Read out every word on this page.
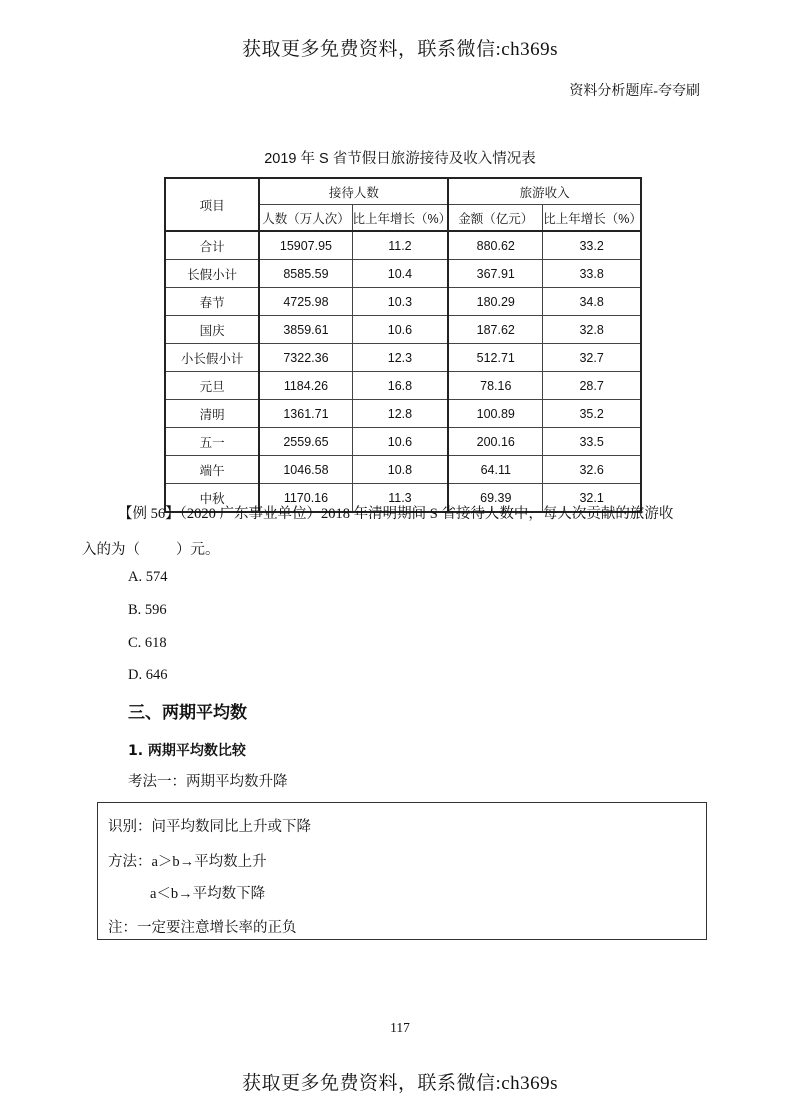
获取更多免费资料，联系微信:ch369s
资料分析题库-夸夸刷
2019 年 S 省节假日旅游接待及收入情况表
项目	接待人数		旅游收入	
	人数（万人次）	比上年增长（%）	金额（亿元）	比上年增长（%）
合计	15907.95	11.2	880.62	33.2
长假小计	8585.59	10.4	367.91	33.8
春节	4725.98	10.3	180.29	34.8
国庆	3859.61	10.6	187.62	32.8
小长假小计	7322.36	12.3	512.71	32.7
元旦	1184.26	16.8	78.16	28.7
清明	1361.71	12.8	100.89	35.2
五一	2559.65	10.6	200.16	33.5
端午	1046.58	10.8	64.11	32.6
中秋	1170.16	11.3	69.39	32.1
【例 56】（2020 广东事业单位）2018 年清明期间 S 省接待人数中，每人次贡献的旅游收
入的为（ ）元。
A. 574
B. 596
C. 618
D. 646
三、两期平均数
1. 两期平均数比较
考法一：两期平均数升降
识别：问平均数同比上升或下降
方法：a＞b→平均数上升
a＜b→平均数下降
注：一定要注意增长率的正负
117
获取更多免费资料，联系微信:ch369s
